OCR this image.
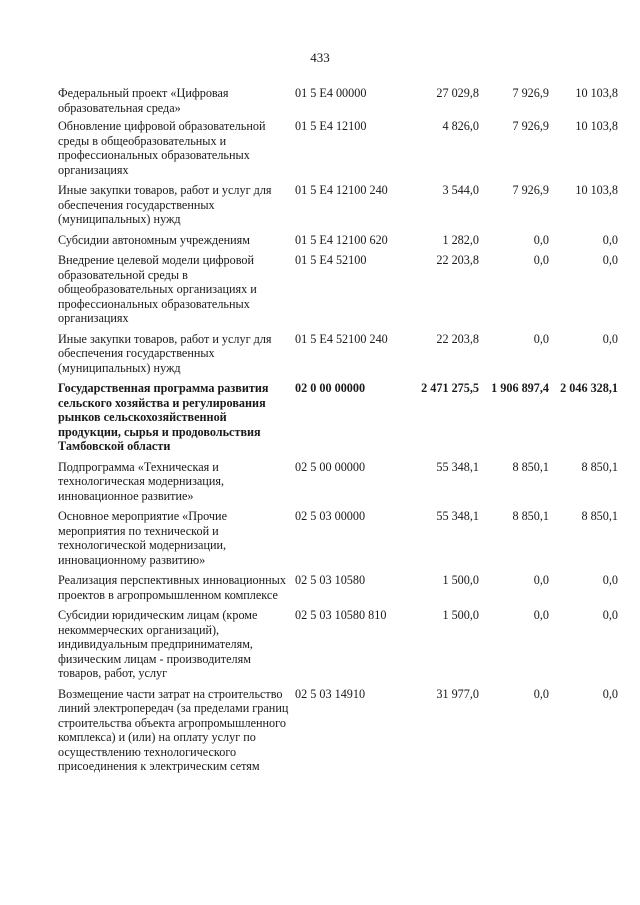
433
Федеральный проект «Цифровая образовательная среда»	01 5 E4 00000	27 029,8	7 926,9	10 103,8
Обновление цифровой образовательной среды в общеобразовательных и профессиональных образовательных организациях	01 5 E4 12100	4 826,0	7 926,9	10 103,8
Иные закупки товаров, работ и услуг для обеспечения государственных (муниципальных) нужд	01 5 E4 12100 240	3 544,0	7 926,9	10 103,8
Субсидии автономным учреждениям	01 5 E4 12100 620	1 282,0	0,0	0,0
Внедрение целевой модели цифровой образовательной среды в общеобразовательных организациях и профессиональных образовательных организациях	01 5 E4 52100	22 203,8	0,0	0,0
Иные закупки товаров, работ и услуг для обеспечения государственных (муниципальных) нужд	01 5 E4 52100 240	22 203,8	0,0	0,0
Государственная программа развития сельского хозяйства и регулирования рынков сельскохозяйственной продукции, сырья и продовольствия Тамбовской области	02 0 00 00000	2 471 275,5	1 906 897,4	2 046 328,1
Подпрограмма «Техническая и технологическая модернизация, инновационное развитие»	02 5 00 00000	55 348,1	8 850,1	8 850,1
Основное мероприятие «Прочие мероприятия по технической и технологической модернизации, инновационному развитию»	02 5 03 00000	55 348,1	8 850,1	8 850,1
Реализация перспективных инновационных проектов в агропромышленном комплексе	02 5 03 10580	1 500,0	0,0	0,0
Субсидии юридическим лицам (кроме некоммерческих организаций), индивидуальным предпринимателям, физическим лицам - производителям товаров, работ, услуг	02 5 03 10580 810	1 500,0	0,0	0,0
Возмещение части затрат на строительство линий электропередач (за пределами границ строительства объекта агропромышленного комплекса) и (или) на оплату услуг по осуществлению технологического присоединения к электрическим сетям	02 5 03 14910	31 977,0	0,0	0,0
